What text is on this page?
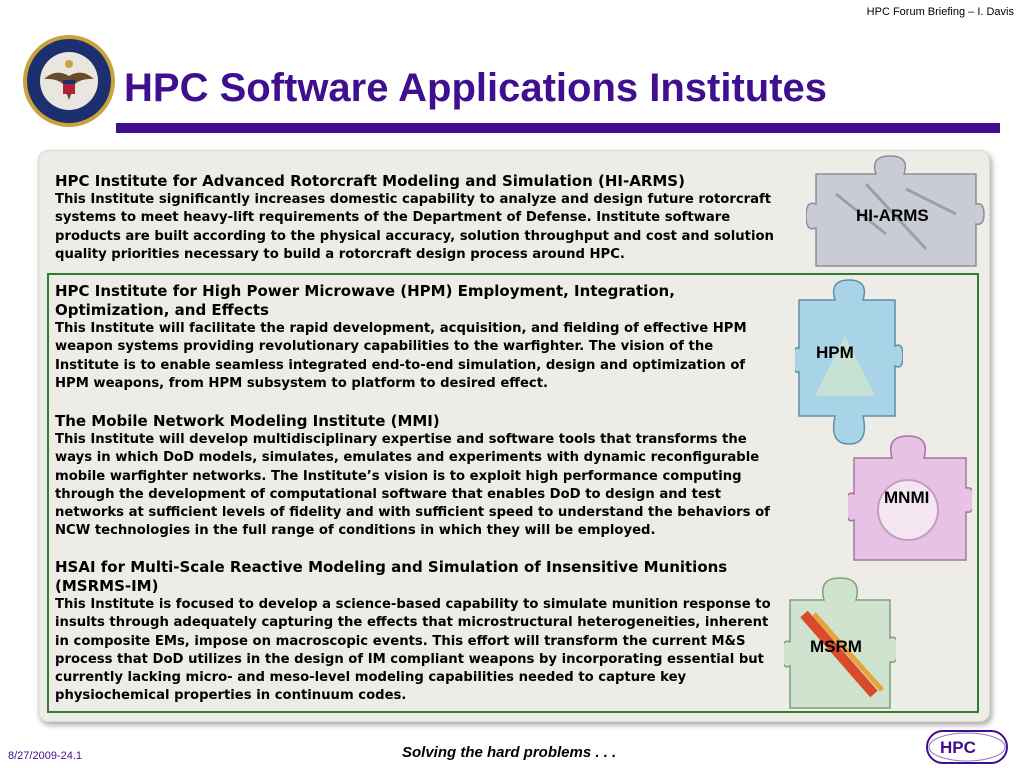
HPC Forum Briefing – I. Davis
HPC Software Applications Institutes
HPC Institute for Advanced Rotorcraft Modeling and Simulation (HI-ARMS)

This Institute significantly increases domestic capability to analyze and design future rotorcraft systems to meet heavy-lift requirements of the Department of Defense. Institute software products are built according to the physical accuracy, solution throughput and cost and solution quality priorities necessary to build a rotorcraft design process around HPC.

HPC Institute for High Power Microwave (HPM) Employment, Integration, Optimization, and Effects

This Institute will facilitate the rapid development, acquisition, and fielding of effective HPM weapon systems providing revolutionary capabilities to the warfighter. The vision of the Institute is to enable seamless integrated end-to-end simulation, design and optimization of HPM weapons, from HPM subsystem to platform to desired effect.

The Mobile Network Modeling Institute (MMI)

This Institute will develop multidisciplinary expertise and software tools that transforms the ways in which DoD models, simulates, emulates and experiments with dynamic reconfigurable mobile warfighter networks. The Institute’s vision is to exploit high performance computing through the development of computational software that enables DoD to design and test networks at sufficient levels of fidelity and with sufficient speed to understand the behaviors of NCW technologies in the full range of conditions in which they will be employed.

HSAI for Multi-Scale Reactive Modeling and Simulation of Insensitive Munitions (MSRMS-IM)

This Institute is focused to develop a science-based capability to simulate munition response to insults through adequately capturing the effects that microstructural heterogeneities, inherent in composite EMs, impose on macroscopic events. This effort will transform the current M&S process that DoD utilizes in the design of IM compliant weapons by incorporating essential but currently lacking micro- and meso-level modeling capabilities needed to capture key physiochemical properties in continuum codes.

HI-ARMS
HPM
MNMI
MSRM
8/27/2009-24.1	Solving the hard problems . . .	HPC
